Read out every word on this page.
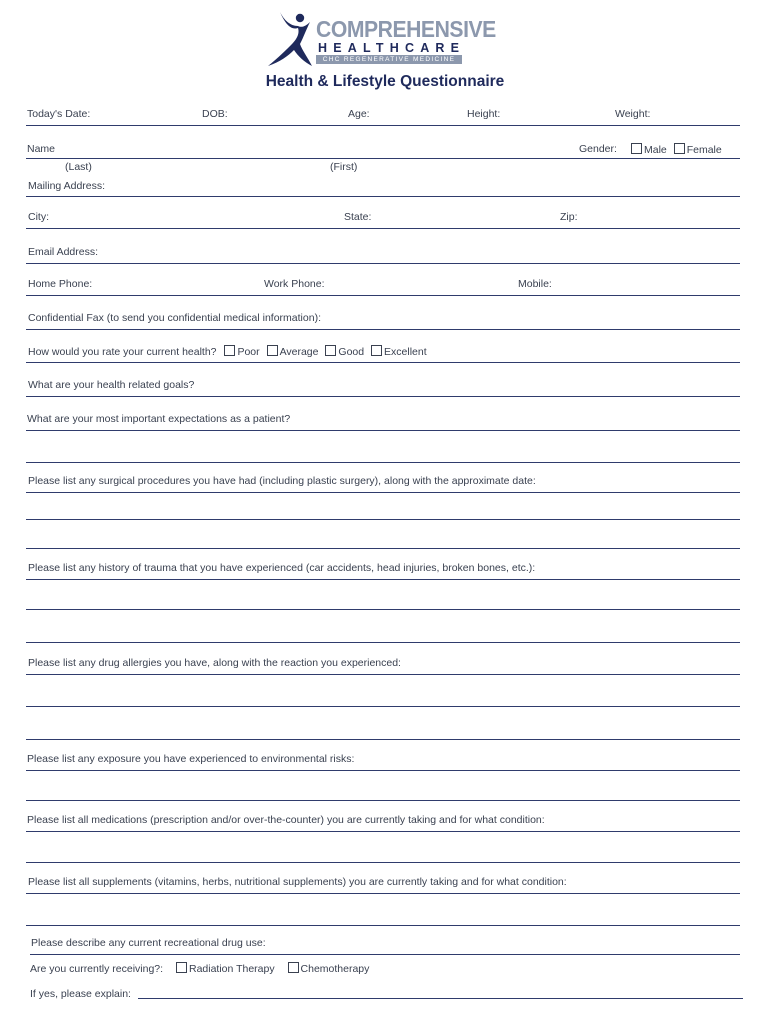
COMPREHENSIVE
HEALTHCARE
CHC REGENERATIVE MEDICINE
Health & Lifestyle Questionnaire
Today's Date:	DOB:	Age:	Height:	Weight:
Name	Gender:	Male Female
(Last)	(First)
Mailing Address:
City:	State:	Zip:
Email Address:
Home Phone:	Work Phone:	Mobile:
Confidential Fax (to send you confidential medical information):
How would you rate your current health? Poor Average Good Excellent
What are your health related goals?
What are your most important expectations as a patient?
Please list any surgical procedures you have had (including plastic surgery), along with the approximate date:
Please list any history of trauma that you have experienced (car accidents, head injuries, broken bones, etc.):
Please list any drug allergies you have, along with the reaction you experienced:
Please list any exposure you have experienced to environmental risks:
Please list all medications (prescription and/or over-the-counter) you are currently taking and for what condition:
Please list all supplements (vitamins, herbs, nutritional supplements) you are currently taking and for what condition:
Please describe any current recreational drug use:
Are you currently receiving?: Radiation Therapy Chemotherapy
If yes, please explain:
